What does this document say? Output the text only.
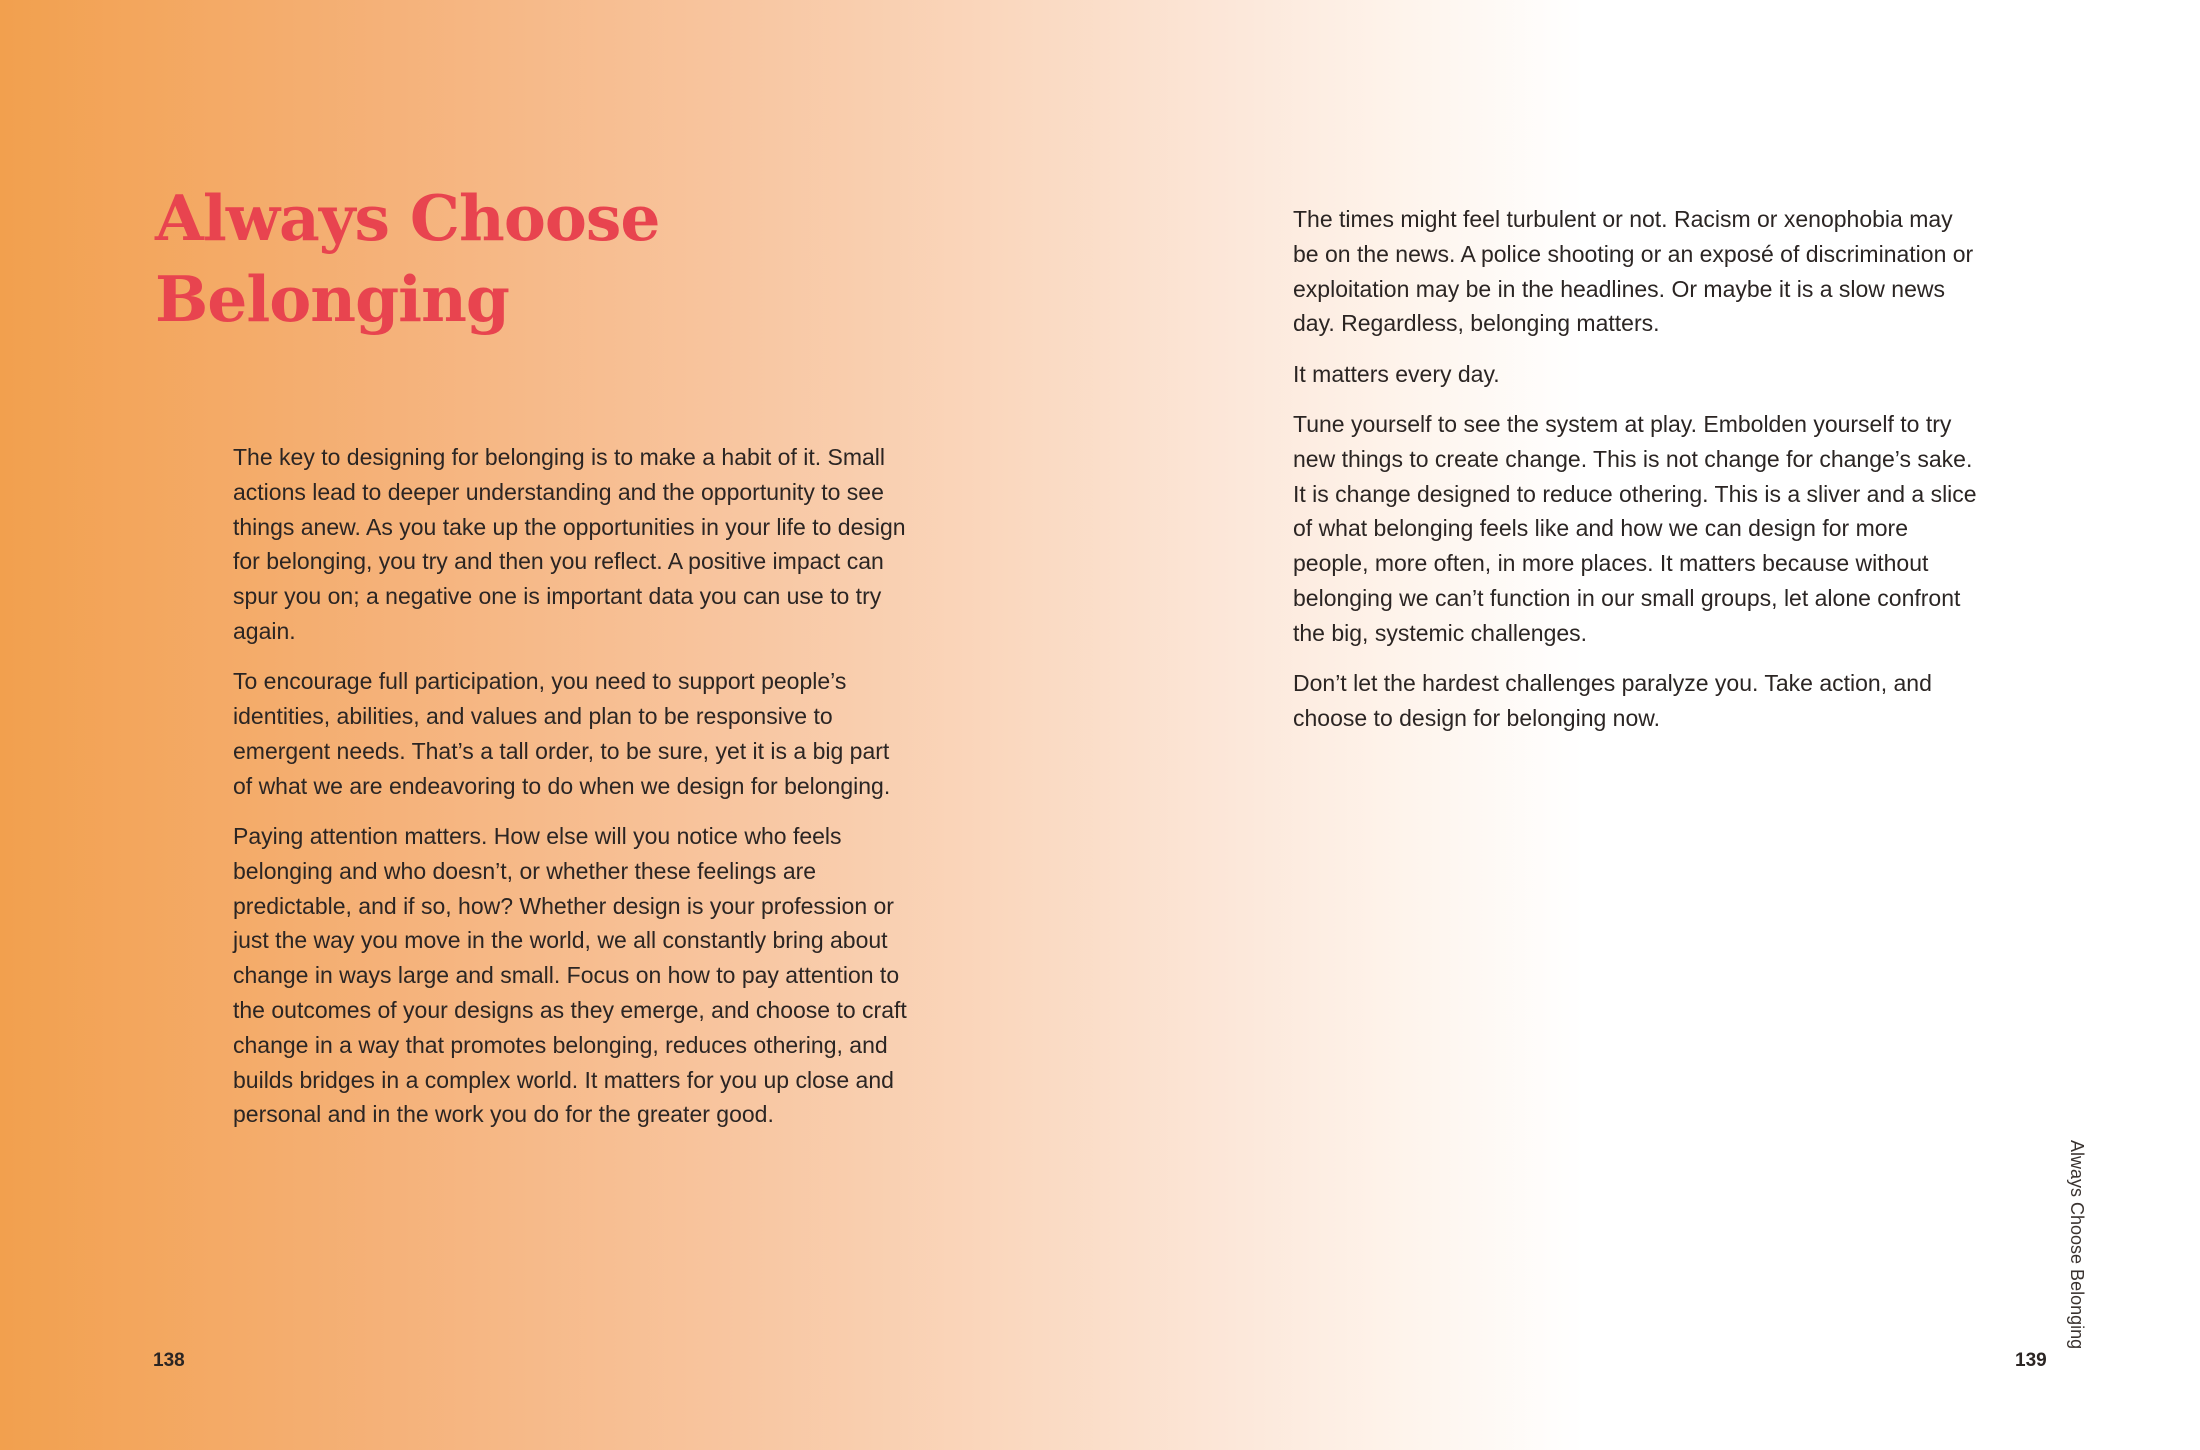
Always Choose Belonging

The key to designing for belonging is to make a habit of it. Small actions lead to deeper understanding and the opportunity to see things anew. As you take up the opportunities in your life to design for belonging, you try and then you reflect. A positive impact can spur you on; a negative one is important data you can use to try again.

To encourage full participation, you need to support people’s identities, abilities, and values and plan to be responsive to emergent needs. That’s a tall order, to be sure, yet it is a big part of what we are endeavoring to do when we design for belonging.

Paying attention matters. How else will you notice who feels belonging and who doesn’t, or whether these feelings are predictable, and if so, how? Whether design is your profession or just the way you move in the world, we all constantly bring about change in ways large and small. Focus on how to pay attention to the outcomes of your designs as they emerge, and choose to craft change in a way that promotes belonging, reduces othering, and builds bridges in a complex world. It matters for you up close and personal and in the work you do for the greater good.

138

The times might feel turbulent or not. Racism or xenophobia may be on the news. A police shooting or an exposé of discrimination or exploitation may be in the headlines. Or maybe it is a slow news day. Regardless, belonging matters.

It matters every day.

Tune yourself to see the system at play. Embolden yourself to try new things to create change. This is not change for change’s sake. It is change designed to reduce othering. This is a sliver and a slice of what belonging feels like and how we can design for more people, more often, in more places. It matters because without belonging we can’t function in our small groups, let alone confront the big, systemic challenges.

Don’t let the hardest challenges paralyze you. Take action, and choose to design for belonging now.

Always Choose Belonging
139
